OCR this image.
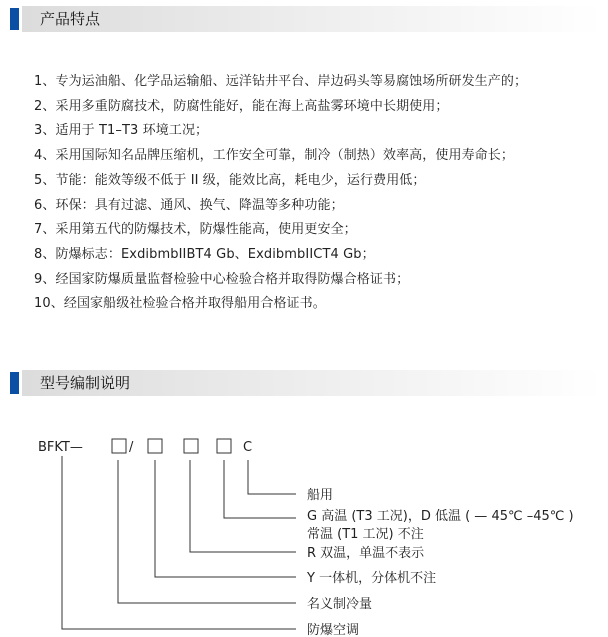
产品特点
1、专为运油船、化学品运输船、远洋钻井平台、岸边码头等易腐蚀场所研发生产的；
2、采用多重防腐技术，防腐性能好，能在海上高盐雾环境中长期使用；
3、适用于 T1–T3 环境工况；
4、采用国际知名品牌压缩机，工作安全可靠，制冷（制热）效率高，使用寿命长；
5、节能：能效等级不低于 II 级，能效比高，耗电少，运行费用低；
6、环保：具有过滤、通风、换气、降温等多种功能；
7、采用第五代的防爆技术，防爆性能高，使用更安全；
8、防爆标志：ExdibmbIIBT4 Gb、ExdibmbIICT4 Gb；
9、经国家防爆质量监督检验中心检验合格并取得防爆合格证书；
10、经国家船级社检验合格并取得船用合格证书。
型号编制说明
BFKT—	/	C
船用
G 高温 (T3 工况)，D 低温 ( — 45℃ –45℃ )
常温 (T1 工况) 不注
R 双温，单温不表示
Y 一体机，分体机不注
名义制冷量
防爆空调
